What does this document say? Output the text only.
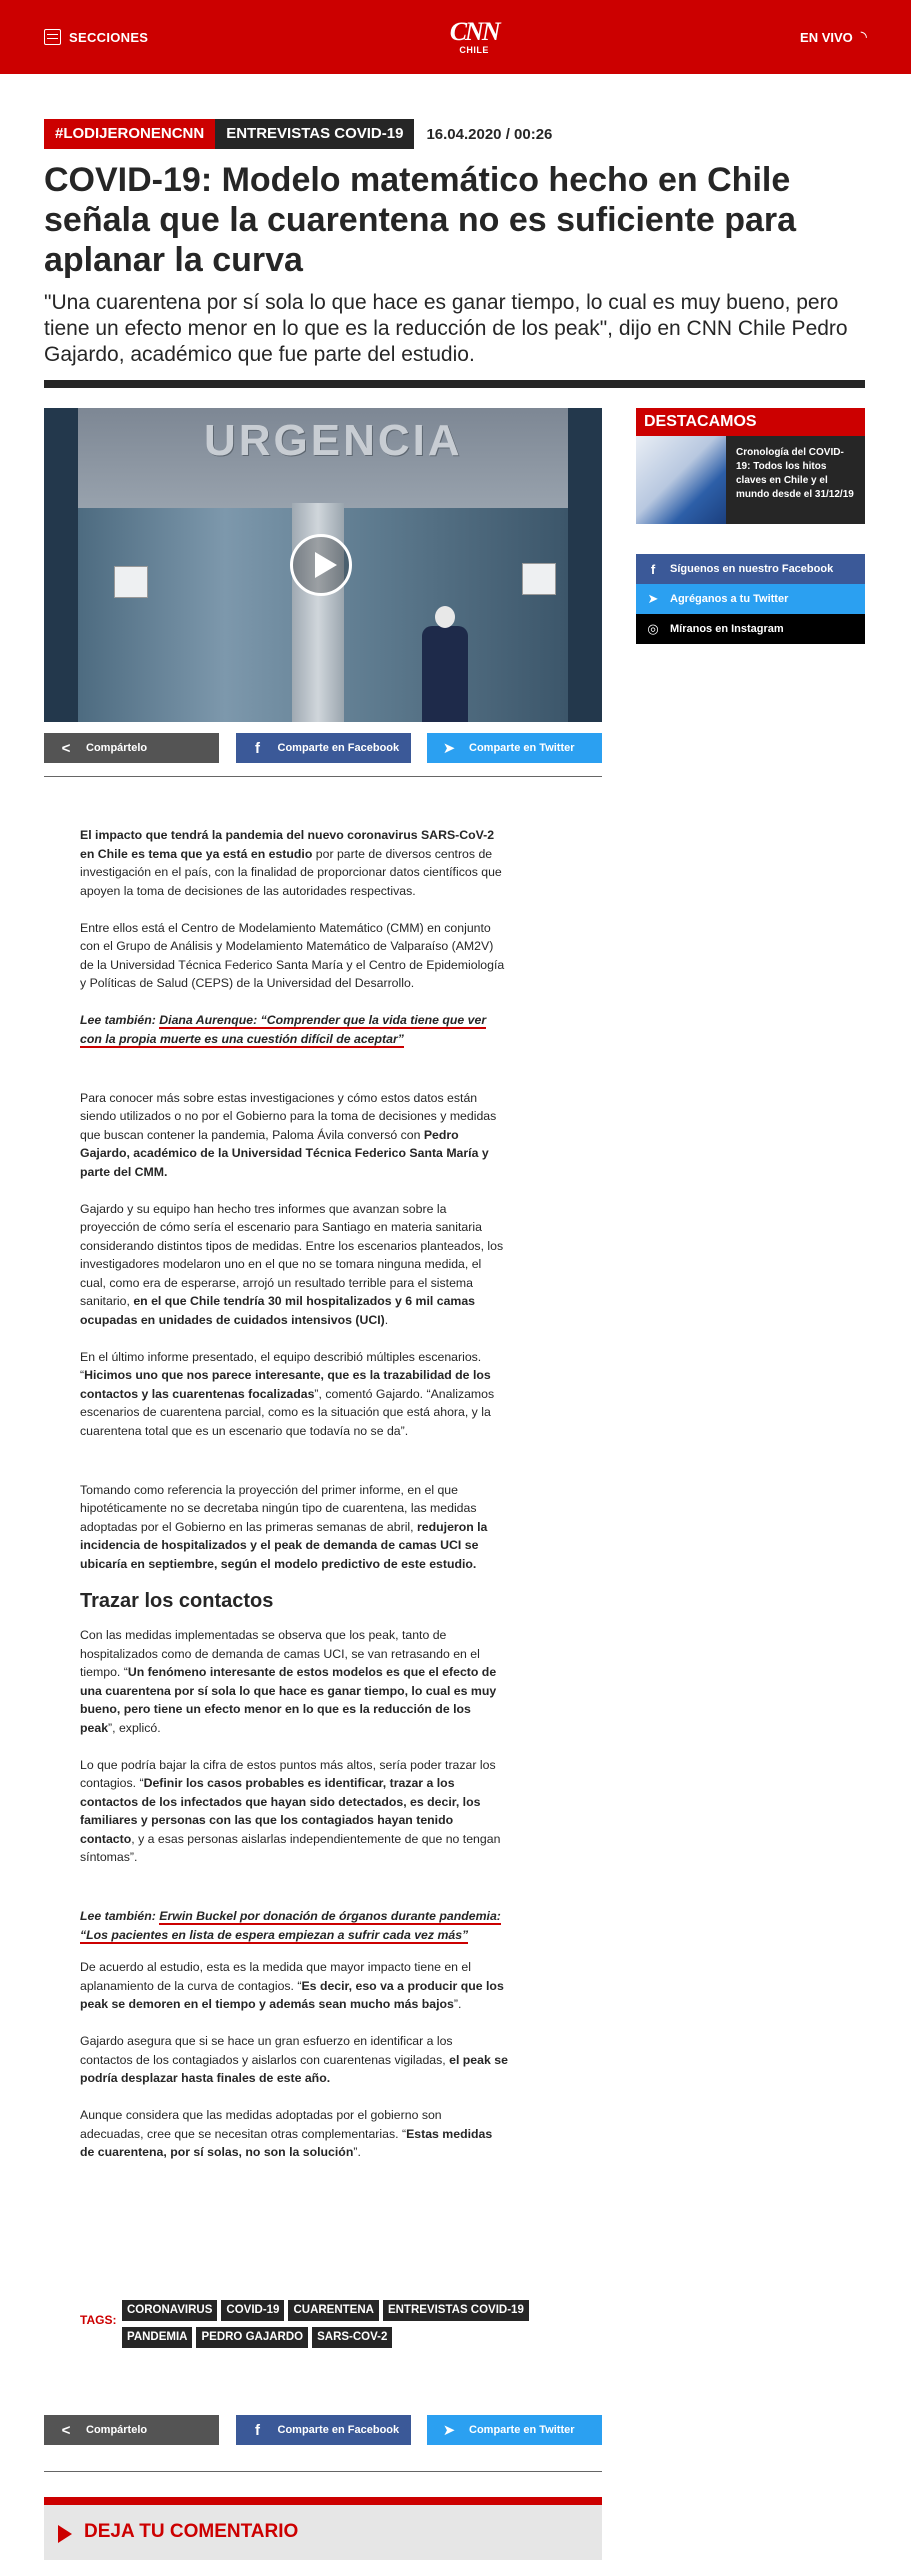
SECCIONES	CNN
CHILE
EN VIVO ◝
#LODIJERONENCNN	ENTREVISTAS COVID-19	16.04.2020 / 00:26
COVID-19: Modelo matemático hecho en Chile señala que la cuarentena no es suficiente para aplanar la curva

"Una cuarentena por sí sola lo que hace es ganar tiempo, lo cual es muy bueno, pero tiene un efecto menor en lo que es la reducción de los peak", dijo en CNN Chile Pedro Gajardo, académico que fue parte del estudio.

URGENCIA
<	Compártelo	f	Comparte en Facebook	➤ Comparte en Twitter
DESTACAMOS
Cronología del COVID-19: Todos los hitos claves en Chile y el mundo desde el 31/12/19
f	Síguenos en nuestro Facebook
➤ Agréganos a tu Twitter
◎ Míranos en Instagram

El impacto que tendrá la pandemia del nuevo coronavirus SARS-CoV-2 en Chile es tema que ya está en estudio por parte de diversos centros de investigación en el país, con la finalidad de proporcionar datos científicos que apoyen la toma de decisiones de las autoridades respectivas.

Entre ellos está el Centro de Modelamiento Matemático (CMM) en conjunto con el Grupo de Análisis y Modelamiento Matemático de Valparaíso (AM2V) de la Universidad Técnica Federico Santa María y el Centro de Epidemiología y Políticas de Salud (CEPS) de la Universidad del Desarrollo.

Lee también: Diana Aurenque: “Comprender que la vida tiene que ver con la propia muerte es una cuestión difícil de aceptar”

Para conocer más sobre estas investigaciones y cómo estos datos están siendo utilizados o no por el Gobierno para la toma de decisiones y medidas que buscan contener la pandemia, Paloma Ávila conversó con Pedro Gajardo, académico de la Universidad Técnica Federico Santa María y parte del CMM.

Gajardo y su equipo han hecho tres informes que avanzan sobre la proyección de cómo sería el escenario para Santiago en materia sanitaria considerando distintos tipos de medidas. Entre los escenarios planteados, los investigadores modelaron uno en el que no se tomara ninguna medida, el cual, como era de esperarse, arrojó un resultado terrible para el sistema sanitario, en el que Chile tendría 30 mil hospitalizados y 6 mil camas ocupadas en unidades de cuidados intensivos (UCI).

En el último informe presentado, el equipo describió múltiples escenarios. “Hicimos uno que nos parece interesante, que es la trazabilidad de los contactos y las cuarentenas focalizadas”, comentó Gajardo. “Analizamos escenarios de cuarentena parcial, como es la situación que está ahora, y la cuarentena total que es un escenario que todavía no se da”.

Tomando como referencia la proyección del primer informe, en el que hipotéticamente no se decretaba ningún tipo de cuarentena, las medidas adoptadas por el Gobierno en las primeras semanas de abril, redujeron la incidencia de hospitalizados y el peak de demanda de camas UCI se ubicaría en septiembre, según el modelo predictivo de este estudio.

Trazar los contactos

Con las medidas implementadas se observa que los peak, tanto de hospitalizados como de demanda de camas UCI, se van retrasando en el tiempo. “Un fenómeno interesante de estos modelos es que el efecto de una cuarentena por sí sola lo que hace es ganar tiempo, lo cual es muy bueno, pero tiene un efecto menor en lo que es la reducción de los peak”, explicó.

Lo que podría bajar la cifra de estos puntos más altos, sería poder trazar los contagios. “Definir los casos probables es identificar, trazar a los contactos de los infectados que hayan sido detectados, es decir, los familiares y personas con las que los contagiados hayan tenido contacto, y a esas personas aislarlas independientemente de que no tengan síntomas”.

Lee también: Erwin Buckel por donación de órganos durante pandemia: “Los pacientes en lista de espera empiezan a sufrir cada vez más”

De acuerdo al estudio, esta es la medida que mayor impacto tiene en el aplanamiento de la curva de contagios. “Es decir, eso va a producir que los peak se demoren en el tiempo y además sean mucho más bajos”.

Gajardo asegura que si se hace un gran esfuerzo en identificar a los contactos de los contagiados y aislarlos con cuarentenas vigiladas, el peak se podría desplazar hasta finales de este año.

Aunque considera que las medidas adoptadas por el gobierno son adecuadas, cree que se necesitan otras complementarias. “Estas medidas de cuarentena, por sí solas, no son la solución”.

TAGS:
CORONAVIRUS	COVID-19	CUARENTENA	ENTREVISTAS COVID-19
PANDEMIA	PEDRO GAJARDO	SARS-COV-2
<	Compártelo	f	Comparte en Facebook	➤ Comparte en Twitter
DEJA TU COMENTARIO
